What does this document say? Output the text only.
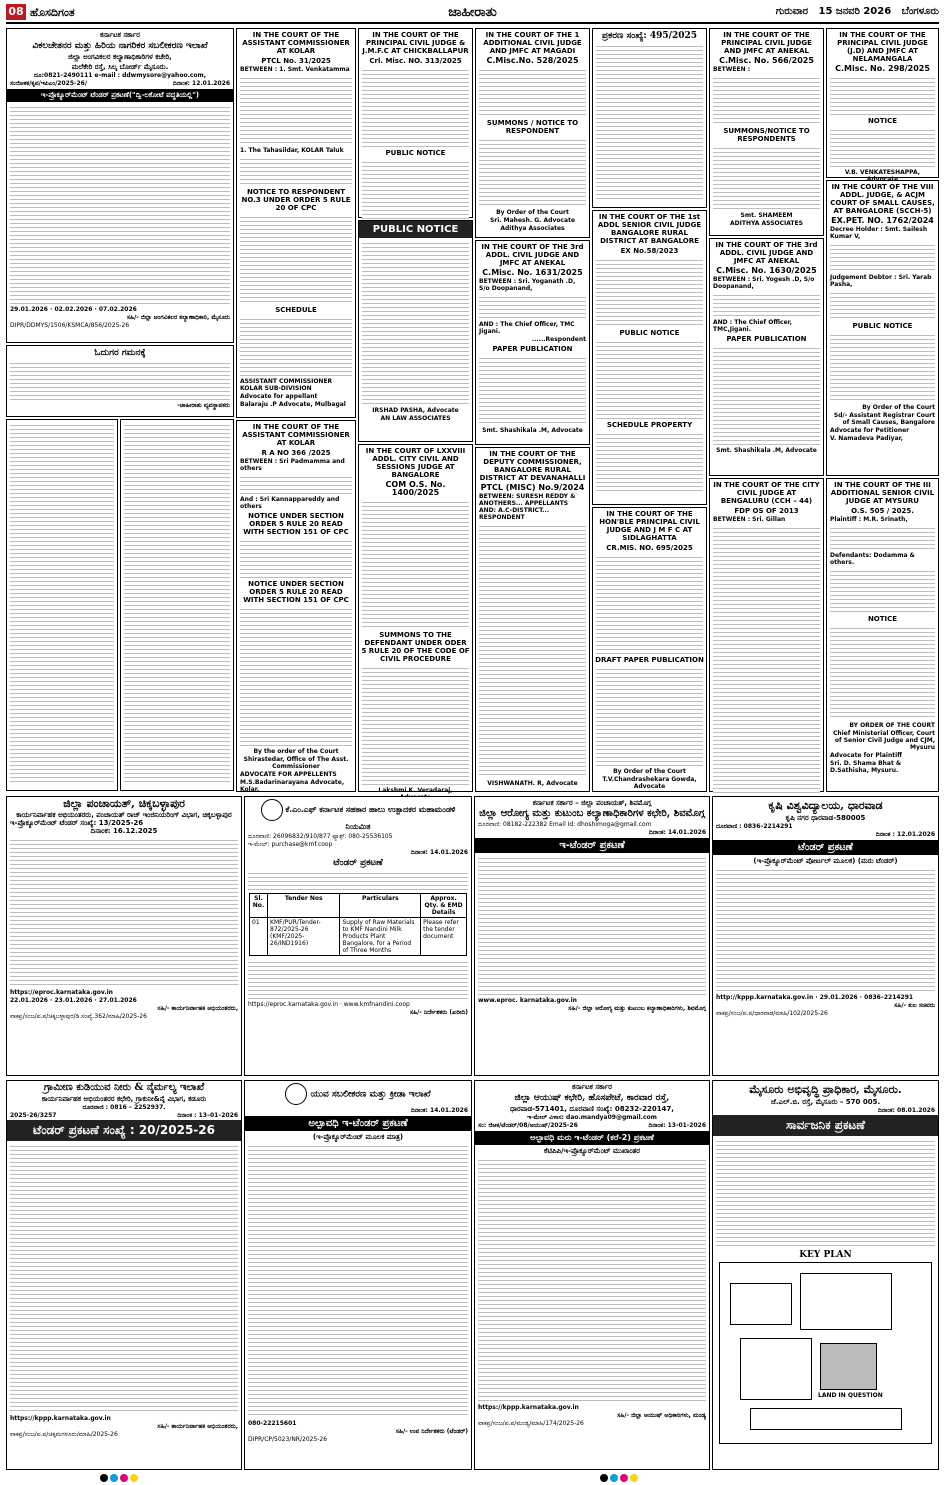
08 ಹೊಸದಿಗಂತ	ಜಾಹೀರಾತು	ಗುರುವಾರ 15 ಜನವರಿ 2026 ಬೆಂಗಳೂರು
ಕರ್ನಾಟಕ ಸರ್ಕಾರ
ವಿಕಲಚೇತನರ ಮತ್ತು ಹಿರಿಯ ನಾಗರಿಕರ ಸಬಲೀಕರಣ ಇಲಾಖೆ
ಜಿಲ್ಲಾ ಅಂಗವಿಕಲರ ಕಲ್ಯಾಣಾಧಿಕಾರಿಗಳ ಕಚೇರಿ,
ಮಲೆಕೇರಿ ರಸ್ತೆ, ಸಿಲ್ಕ ಬೋರ್ಡ್ ಮೈಸೂರು.
ದೂ:0821-2490111 e-mail : ddwmysore@yahoo.com,
ಸಂಜಿಅಕಕ/ಕೃಪ/ಇಪಿಎಂ/2025-26/	ದಿನಾಂಕ: 12.01.2026
ಇ-ಪ್ರೊಕ್ಯೂರ್‌ಮೆಂಟ್ ಟೆಂಡರ್ ಪ್ರಕಟಣೆ("ದ್ವಿ-ಲಕೋಟೆ ಪದ್ಧತಿಯಲ್ಲಿ")
29.01.2026 · 02.02.2026 · 07.02.2026
ಸಹಿ/- ಜಿಲ್ಲಾ ಅಂಗವಿಕಲರ ಕಲ್ಯಾಣಾಧಿಕಾರಿ, ಮೈಸೂರು
DIPR/DDMYS/1506/KSMCA/856/2025-26
ಓದುಗರ ಗಮನಕ್ಕೆ
-ಜಾಹೀರಾತು ವ್ಯವಸ್ಥಾಪಕರು
IN THE COURT OF THE ASSISTANT COMMISSIONER AT KOLAR
PTCL No. 31/2025
BETWEEN : 1. Smt. Venkatamma
1. The Tahasildar, KOLAR Taluk
NOTICE TO RESPONDENT NO.3 UNDER ORDER 5 RULE 20 OF CPC
SCHEDULE
ASSISTANT COMMISSIONER KOLAR SUB-DIVISION
Advocate for appellant
Balaraju .P Advocate, Mulbagal
IN THE COURT OF THE ASSISTANT COMMISSIONER AT KOLAR
R A NO 366 /2025
BETWEEN : Sri Padmamma and others
And : Sri Kannappareddy and others
NOTICE UNDER SECTION ORDER 5 RULE 20 READ WITH SECTION 151 OF CPC
NOTICE UNDER SECTION ORDER 5 RULE 20 READ WITH SECTION 151 OF CPC
By the order of the Court
Shirastedar, Office of The Asst. Commissioner
ADVOCATE FOR APPELLENTS
M.S.Badarinarayana Advocate, Kolar.
IN THE COURT OF THE PRINCIPAL CIVIL JUDGE & J.M.F.C AT CHICKBALLAPUR
Crl. Misc. NO. 313/2025
PUBLIC NOTICE
PUBLIC NOTICE
IRSHAD PASHA, Advocate
AN LAW ASSOCIATES
IN THE COURT OF LXXVIII ADDL. CITY CIVIL AND SESSIONS JUDGE AT BANGALORE
COM O.S. No. 1400/2025
SUMMONS TO THE DEFENDANT UNDER ODER 5 RULE 20 OF THE CODE OF CIVIL PROCEDURE
Lakshmi K. Veradaraj,
IN THE COURT OF THE 1 ADDITIONAL CIVIL JUDGE AND JMFC AT MAGADI
C.Misc.No. 528/2025
SUMMONS / NOTICE TO RESPONDENT
By Order of the Court
Sri. Mahesh. G. Advocate
Adithya Associates
IN THE COURT OF THE 3rd ADDL. CIVIL JUDGE AND JMFC AT ANEKAL
C.Misc. No. 1631/2025
BETWEEN : Sri. Yoganath .D, S/o Doopanand,
AND : The Chief Officer, TMC Jigani.
......Respondent
PAPER PUBLICATION
Smt. Shashikala .M, Advocate
IN THE COURT OF THE DEPUTY COMMISSIONER, BANGALORE RURAL DISTRICT AT DEVANAHALLI
PTCL (MISC) No.9/2024
BETWEEN: SURESH REDDY & ANOTHERS... APPELLANTS AND: A.C-DISTRICT... RESPONDENT
VISHWANATH. R, Advocate
ಪ್ರಕರಣ ಸಂಖ್ಯೆ: 495/2025
IN THE COURT OF THE 1st ADDL SENIOR CIVIL JUDGE BANGALORE RURAL DISTRICT AT BANGALORE
EX No.58/2023
PUBLIC NOTICE
SCHEDULE PROPERTY
IN THE COURT OF THE HON'BLE PRINCIPAL CIVIL JUDGE AND J M F C AT SIDLAGHATTA
CR.MIS. NO. 695/2025
DRAFT PAPER PUBLICATION
By Order of the Court
T.V.Chandrashekara Gowda, Advocate
IN THE COURT OF THE PRINCIPAL CIVIL JUDGE AND JMFC AT ANEKAL
C.Misc. No. 566/2025
BETWEEN :
SUMMONS/NOTICE TO RESPONDENTS
Smt. SHAMEEM
ADITHYA ASSOCIATES
IN THE COURT OF THE 3rd ADDL. CIVIL JUDGE AND JMFC AT ANEKAL
C.Misc. No. 1630/2025
BETWEEN : Sri. Yogesh .D, S/o Doopanand,
AND : The Chief Officer, TMC,Jigani.
PAPER PUBLICATION
Smt. Shashikala .M, Advocate
IN THE COURT OF THE CITY CIVIL JUDGE AT BENGALURU (CCH – 44)
FDP OS OF 2013
BETWEEN : Sri. Gillan
IN THE COURT OF THE PRINCIPAL CIVIL JUDGE (J.D) AND JMFC AT NELAMANGALA
C.Misc. No. 298/2025
NOTICE
V.B. VENKATESHAPPA,
IN THE COURT OF THE VIII ADDL. JUDGE, & ACJM COURT OF SMALL CAUSES, AT BANGALORE (SCCH-5)
EX.PET. NO. 1762/2024
Decree Holder : Smt. Sailesh Kumar V,
Judgement Debtor : Sri. Yarab Pasha,
PUBLIC NOTICE
By Order of the Court
Sd/- Assistant Registrar Court of Small Causes, Bangalore
Advocate for Petitioner
V. Namadeva Padiyar,
IN THE COURT OF THE III ADDITIONAL SENIOR CIVIL JUDGE AT MYSURU
O.S. 505 / 2025.
Plaintiff : M.R. Srinath,
Defendants: Dodamma & others.
NOTICE
BY ORDER OF THE COURT
Chief Ministerial Officer, Court of Senior Civil Judge and CJM, Mysuru
Advocate for Plaintiff
Sri. D. Shama Bhat & D.Sathisha, Mysuru.
ಜಿಲ್ಲಾ ಪಂಚಾಯತ್, ಚಿಕ್ಕಬಳ್ಳಾಪುರ
ಕಾರ್ಯನಿರ್ವಾಹಕ ಅಭಿಯಂತರರು, ಪಂಚಾಯತ್ ರಾಜ್ ಇಂಜಿನಿಯರಿಂಗ್ ವಿಭಾಗ, ಚಿಕ್ಕಬಳ್ಳಾಪುರ
ಇ-ಪ್ರೊಕ್ಯೂರ್‌ಮೆಂಟ್ ಟೆಂಡರ್ ಸಂಖ್ಯೆ: 13/2025-26
ದಿನಾಂಕ: 16.12.2025
https://eproc.karnataka.gov.in
22.01.2026 · 23.01.2026 · 27.01.2026
ಸಹಿ/- ಕಾರ್ಯನಿರ್ವಾಹಕ ಅಭಿಯಂತರರು,
ವಾಕಪ್ರ/ಸಂಜ/ಪ.ಪ/ಚಿಕ್ಕಬಳ್ಳಾಪುರ/ಡಿ.ಸಂಖ್ಯೆ.362/ಮಾಹಿ/2025-26
ಕೆ.ಎಂ.ಎಫ್ ಕರ್ನಾಟಕ ಸಹಕಾರ ಹಾಲು ಉತ್ಪಾದಕರ ಮಹಾಮಂಡಳಿ ನಿಯಮಿತ
ದೂರವಾಣಿ: 26096832/910/877 ಫ್ಯಾಕ್ಸ್: 080-25536105
ಇ-ಮೇಲ್: purchase@kmf.coop
ದಿನಾಂಕ: 14.01.2026
ಟೆಂಡರ್ ಪ್ರಕಟಣೆ
Sl. No.	Tender Nos	Particulars	Approx. Qty. & EMD Details
01	KMF/PUR/Tender-872/2025-26 (KMF/2025-26/IND1916)	Supply of Raw Materials to KMF Nandini Milk Products Plant Bangalore, for a Period of Three Months	Please refer the tender document
https://eproc.karnataka.gov.in · www.kmfnandini.coop
ಸಹಿ/- ನಿರ್ದೇಶಕರು (ಖರೀದಿ)
ಕರ್ನಾಟಕ ಸರ್ಕಾರ – ಜಿಲ್ಲಾ ಪಂಚಾಯತ್, ಶಿವಮೊಗ್ಗ
ಜಿಲ್ಲಾ ಆರೋಗ್ಯ ಮತ್ತು ಕುಟುಂಬ ಕಲ್ಯಾಣಾಧಿಕಾರಿಗಳ ಕಛೇರಿ, ಶಿವಮೊಗ್ಗ
ದೂರವಾಣಿ: 08182-222382 Email Id: dhoshimoga@gmail.com
ದಿನಾಂಕ: 14.01.2026
ಇ-ಟೆಂಡರ್ ಪ್ರಕಟಣೆ
www.eproc. karnataka.gov.in
ಸಹಿ/- ಜಿಲ್ಲಾ ಆರೋಗ್ಯ ಮತ್ತು ಕುಟುಂಬ ಕಲ್ಯಾಣಾಧಿಕಾರಿಗಳು, ಶಿವಮೊಗ್ಗ
ಕೃಷಿ ವಿಶ್ವವಿದ್ಯಾಲಯ, ಧಾರವಾಡ
ಕೃಷಿ ನಗರ ಧಾರವಾಡ-580005
ದೂರವಾಣಿ : 0836–2214291
ದಿನಾಂಕ : 12.01.2026
ಟೆಂಡರ್ ಪ್ರಕಟಣೆ
(ಇ-ಪ್ರೊಕ್ಯೂರ್‌ಮೆಂಟ್ ಪೋರ್ಟಲ್ ಮೂಲಕ) (ಮರು ಟೆಂಡರ್)
http://kppp.karnataka.gov.in · 29.01.2026 · 0836–2214291
ಸಹಿ/- ಕುಲ ಸಚಿವರು
ವಾಕಪ್ರ/ಸಂಜ/ಪ.ಪ/ಧಾರವಾಡ/ಮಾಹಿ/102/2025-26
ಗ್ರಾಮೀಣ ಕುಡಿಯುವ ನೀರು & ನೈರ್ಮಲ್ಯ ಇಲಾಖೆ
ಕಾರ್ಯನಿರ್ವಾಹಕ ಅಭಿಯಂತರರ ಕಛೇರಿ, ಗ್ರಾಕುನೀ&ನೈ ವಿಭಾಗ, ಕಡೂರು
ದೂರವಾಣಿ : 0816 – 2252937.
2025-26/3257	ದಿನಾಂಕ : 13–01–2026
ಟೆಂಡರ್ ಪ್ರಕಟಣೆ ಸಂಖ್ಯೆ : 20/2025-26
https://kppp.karnataka.gov.in
ಸಹಿ/- ಕಾರ್ಯನಿರ್ವಾಹಕ ಅಭಿಯಂತರರು,
ವಾಕಪ್ರ/ಸಂಜ/ಪ.ಪ/ಚಿಕ್ಕಮಗಳೂರು/ಮಾಹಿ/2025-26
ಯುವ ಸಬಲೀಕರಣ ಮತ್ತು ಕ್ರೀಡಾ ಇಲಾಖೆ
ದಿನಾಂಕ: 14.01.2026
ಅಲ್ಪಾವಧಿ ಇ-ಟೆಂಡರ್ ಪ್ರಕಟಣೆ
(ಇ-ಪ್ರೊಕ್ಯೂರ್‌ಮೆಂಟ್ ಮೂಲಕ ಮಾತ್ರ)
080-22215601
ಸಹಿ/- ಉಪ ನಿರ್ದೇಶಕರು (ಟೆಂಡರ್)
DIPR/CP/5023/NR/2025-26
ಕರ್ನಾಟಕ ಸರ್ಕಾರ
ಜಿಲ್ಲಾ ಆಯುಷ್ ಕಛೇರಿ, ಹೊಸಪೇಟೆ, ಕಾರವಾರ ರಸ್ತೆ,
ಧಾರವಾಡ-571401, ದೂರವಾಣಿ ಸಂಖ್ಯೆ: 08232-220147,
ಇ-ಮೇಲ್ ವಿಳಾಸ: dao.mandya09@gmail.com
ಸಂ: ಜಿಆಕ/ಟೆಂಡರ್/08/ಆಯುಷ್/2025-26	ದಿನಾಂಕ: 13-01-2026
ಅಲ್ಪಾವಧಿ ಮರು ಇ-ಟೆಂಡರ್ (ಕರೆ-2) ಪ್ರಕಟಣೆ
ಕೆಟಿಪಿಪಿ/ಇ-ಪ್ರೊಕ್ಯೂರ್‌ಮೆಂಟ್ ಮುಖಾಂತರ
https://kppp.karnataka.gov.in
ಸಹಿ/- ಜಿಲ್ಲಾ ಆಯುಷ್ ಅಧಿಕಾರಿಗಳು, ಮಂಡ್ಯ
ವಾಕಪ್ರ/ಸಂಜ/ಪ.ಪ/ಮಂಡ್ಯ/ಮಾಹಿ/174/2025-26
ಮೈಸೂರು ಅಭಿವೃದ್ಧಿ ಪ್ರಾಧಿಕಾರ, ಮೈಸೂರು.
ಜೆ.ಎಲ್.ಬಿ. ರಸ್ತೆ, ಮೈಸೂರು – 570 005.
ದಿನಾಂಕ: 08.01.2026
ಸಾರ್ವಜನಿಕ ಪ್ರಕಟಣೆ
KEY PLAN
LAND IN QUESTION
